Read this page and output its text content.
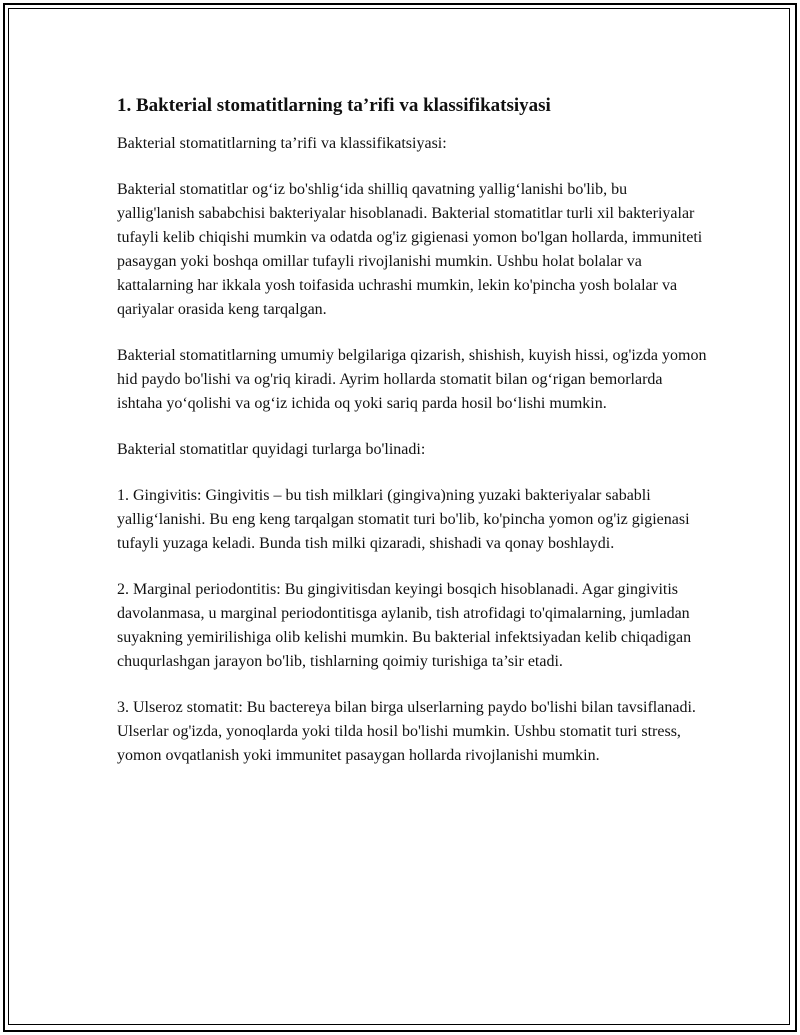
1. Bakterial stomatitlarning ta’rifi va klassifikatsiyasi

Bakterial stomatitlarning ta’rifi va klassifikatsiyasi:

Bakterial stomatitlar og‘iz bo'shlig‘ida shilliq qavatning yallig‘lanishi bo'lib, bu yallig'lanish sababchisi bakteriyalar hisoblanadi. Bakterial stomatitlar turli xil bakteriyalar tufayli kelib chiqishi mumkin va odatda og'iz gigienasi yomon bo'lgan hollarda, immuniteti pasaygan yoki boshqa omillar tufayli rivojlanishi mumkin. Ushbu holat bolalar va kattalarning har ikkala yosh toifasida uchrashi mumkin, lekin ko'pincha yosh bolalar va qariyalar orasida keng tarqalgan.

Bakterial stomatitlarning umumiy belgilariga qizarish, shishish, kuyish hissi, og'izda yomon hid paydo bo'lishi va og'riq kiradi. Ayrim hollarda stomatit bilan og‘rigan bemorlarda ishtaha yo‘qolishi va og‘iz ichida oq yoki sariq parda hosil bo‘lishi mumkin.

Bakterial stomatitlar quyidagi turlarga bo'linadi:

1. Gingivitis: Gingivitis – bu tish milklari (gingiva)ning yuzaki bakteriyalar sababli yallig‘lanishi. Bu eng keng tarqalgan stomatit turi bo'lib, ko'pincha yomon og'iz gigienasi tufayli yuzaga keladi. Bunda tish milki qizaradi, shishadi va qonay boshlaydi.

2. Marginal periodontitis: Bu gingivitisdan keyingi bosqich hisoblanadi. Agar gingivitis davolanmasa, u marginal periodontitisga aylanib, tish atrofidagi to'qimalarning, jumladan suyakning yemirilishiga olib kelishi mumkin. Bu bakterial infektsiyadan kelib chiqadigan chuqurlashgan jarayon bo'lib, tishlarning qoimiy turishiga ta’sir etadi.

3. Ulseroz stomatit: Bu bactereya bilan birga ulserlarning paydo bo'lishi bilan tavsiflanadi. Ulserlar og'izda, yonoqlarda yoki tilda hosil bo'lishi mumkin. Ushbu stomatit turi stress, yomon ovqatlanish yoki immunitet pasaygan hollarda rivojlanishi mumkin.
